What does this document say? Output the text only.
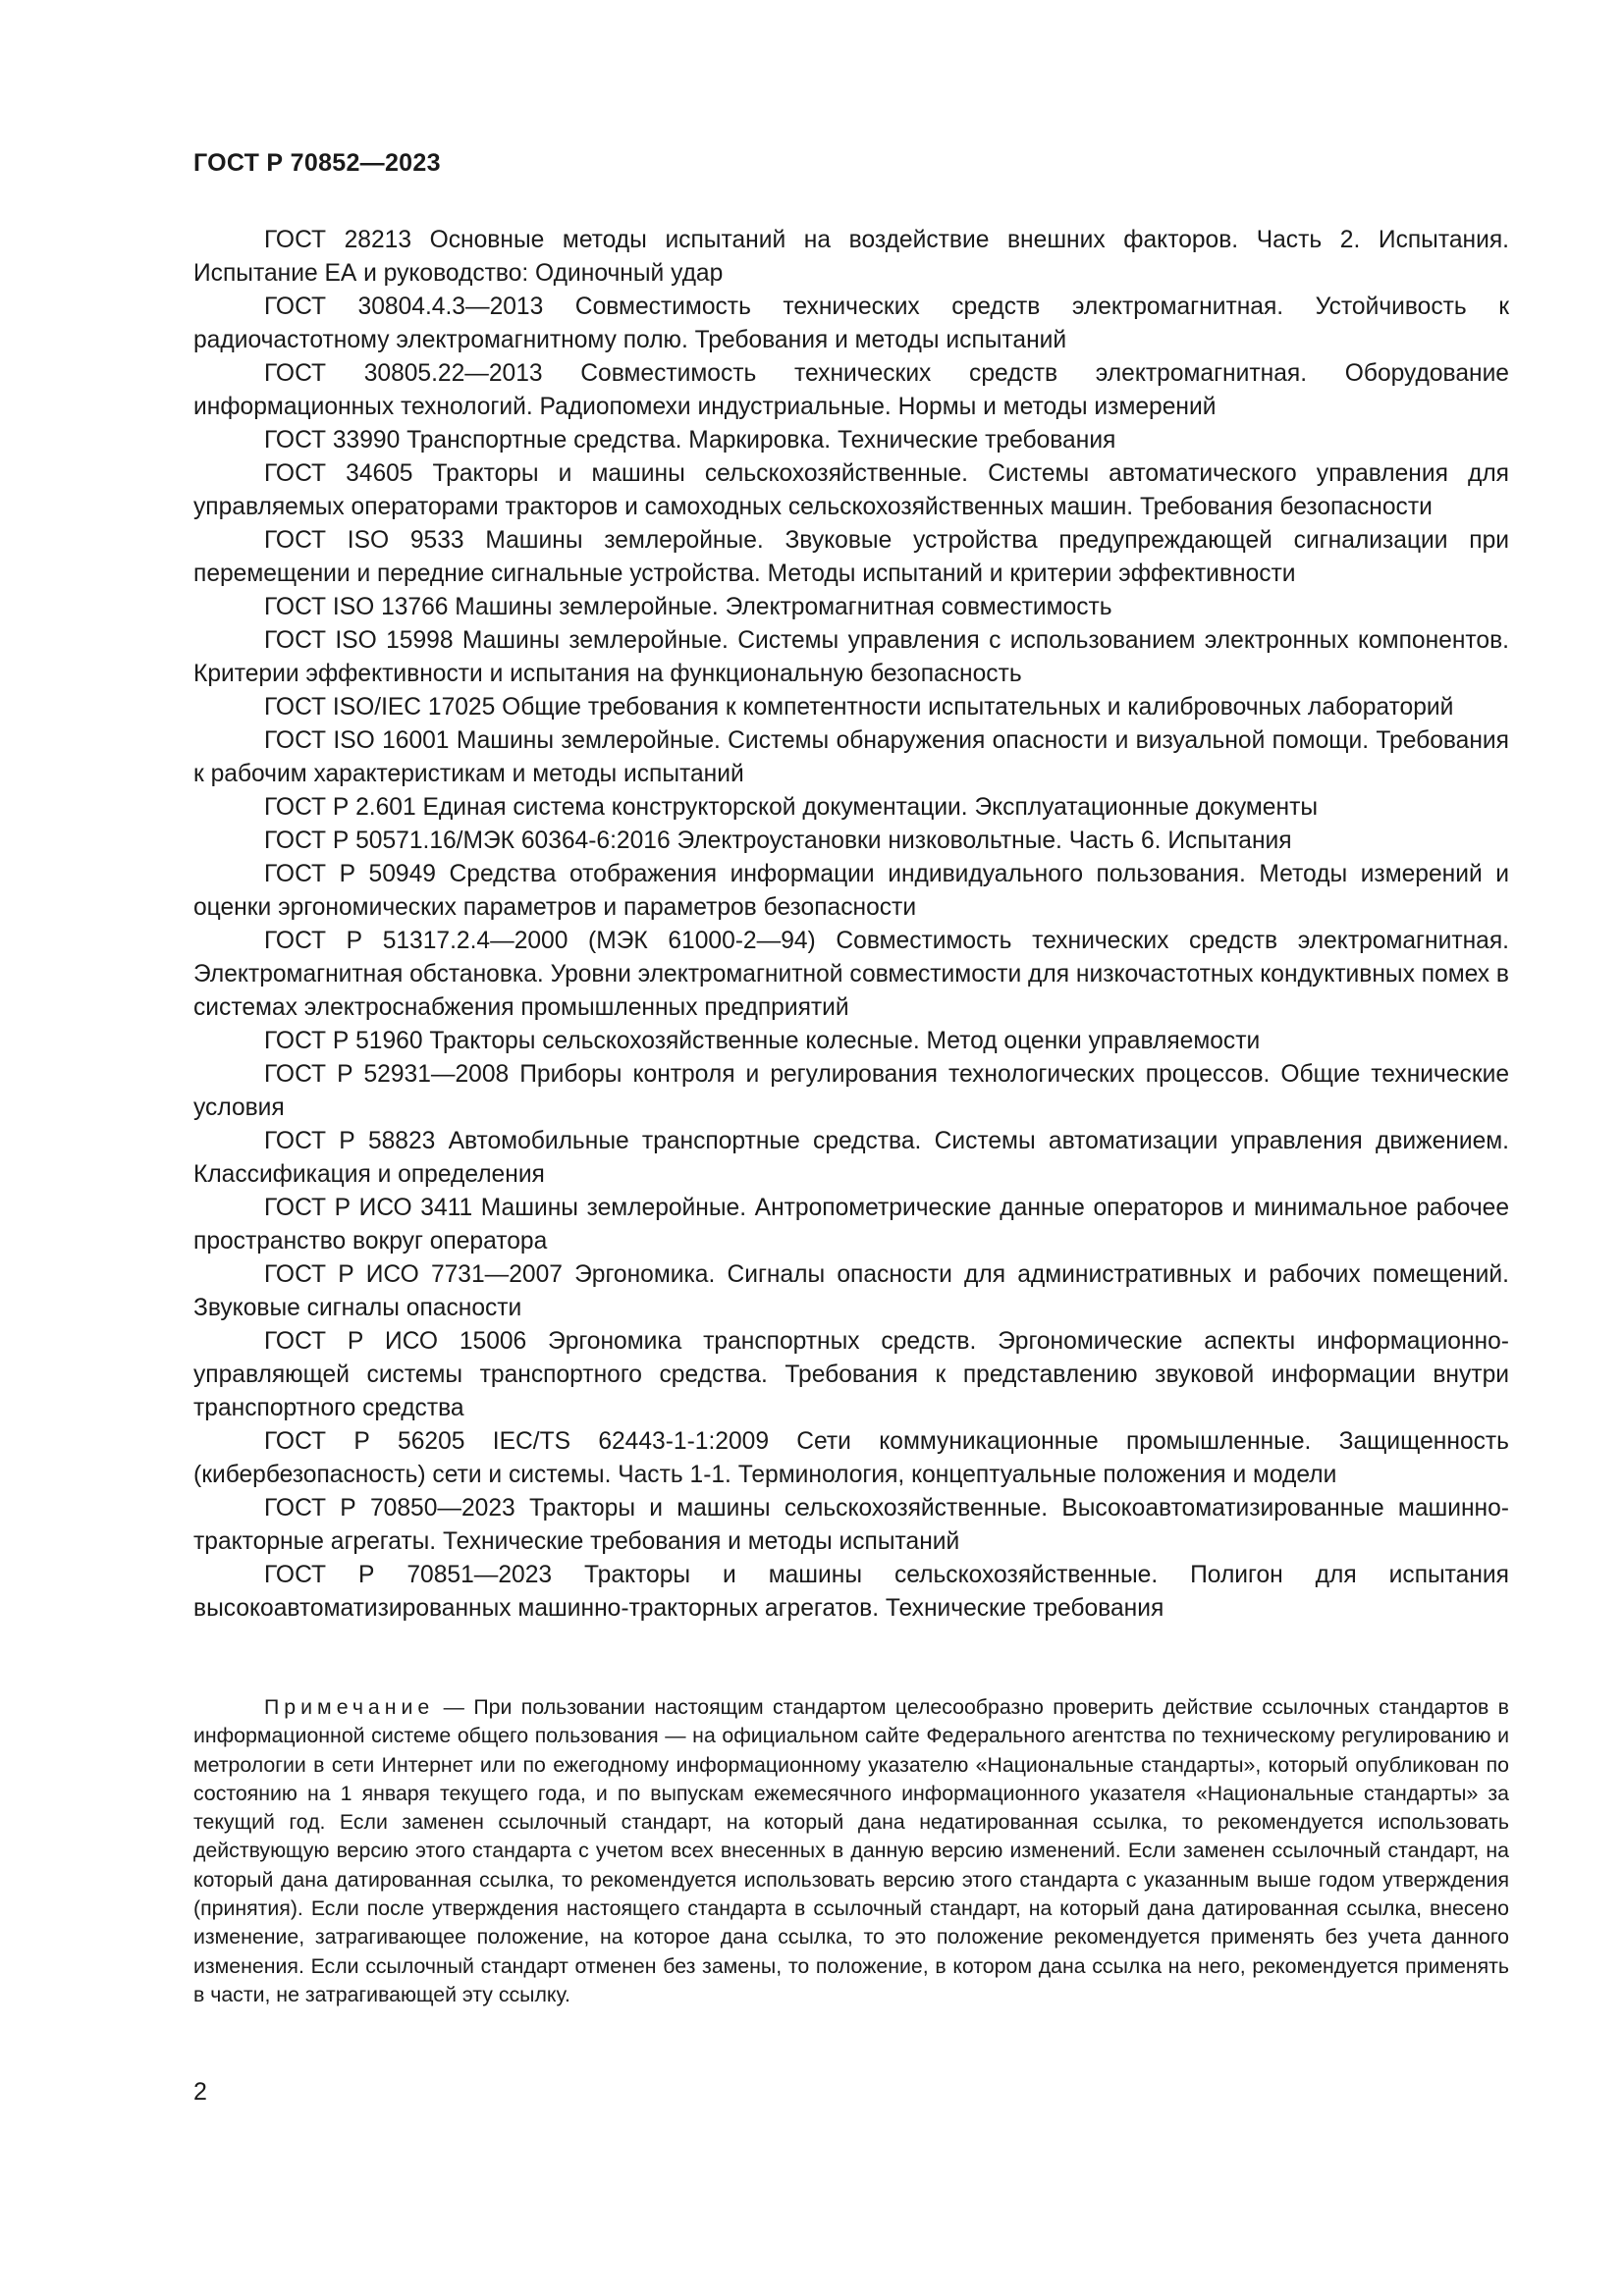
ГОСТ Р 70852—2023
ГОСТ 28213 Основные методы испытаний на воздействие внешних факторов. Часть 2. Испытания. Испытание ЕА и руководство: Одиночный удар
ГОСТ 30804.4.3—2013 Совместимость технических средств электромагнитная. Устойчивость к радиочастотному электромагнитному полю. Требования и методы испытаний
ГОСТ 30805.22—2013 Совместимость технических средств электромагнитная. Оборудование информационных технологий. Радиопомехи индустриальные. Нормы и методы измерений
ГОСТ 33990 Транспортные средства. Маркировка. Технические требования
ГОСТ 34605 Тракторы и машины сельскохозяйственные. Системы автоматического управления для управляемых операторами тракторов и самоходных сельскохозяйственных машин. Требования безопасности
ГОСТ ISO 9533 Машины землеройные. Звуковые устройства предупреждающей сигнализации при перемещении и передние сигнальные устройства. Методы испытаний и критерии эффективности
ГОСТ ISO 13766 Машины землеройные. Электромагнитная совместимость
ГОСТ ISO 15998 Машины землеройные. Системы управления с использованием электронных компонентов. Критерии эффективности и испытания на функциональную безопасность
ГОСТ ISO/IEC 17025 Общие требования к компетентности испытательных и калибровочных лабораторий
ГОСТ ISO 16001 Машины землеройные. Системы обнаружения опасности и визуальной помощи. Требования к рабочим характеристикам и методы испытаний
ГОСТ Р 2.601 Единая система конструкторской документации. Эксплуатационные документы
ГОСТ Р 50571.16/МЭК 60364-6:2016 Электроустановки низковольтные. Часть 6. Испытания
ГОСТ Р 50949 Средства отображения информации индивидуального пользования. Методы измерений и оценки эргономических параметров и параметров безопасности
ГОСТ Р 51317.2.4—2000 (МЭК 61000-2—94) Совместимость технических средств электромагнитная. Электромагнитная обстановка. Уровни электромагнитной совместимости для низкочастотных кондуктивных помех в системах электроснабжения промышленных предприятий
ГОСТ Р 51960 Тракторы сельскохозяйственные колесные. Метод оценки управляемости
ГОСТ Р 52931—2008 Приборы контроля и регулирования технологических процессов. Общие технические условия
ГОСТ Р 58823 Автомобильные транспортные средства. Системы автоматизации управления движением. Классификация и определения
ГОСТ Р ИСО 3411 Машины землеройные. Антропометрические данные операторов и минимальное рабочее пространство вокруг оператора
ГОСТ Р ИСО 7731—2007 Эргономика. Сигналы опасности для административных и рабочих помещений. Звуковые сигналы опасности
ГОСТ Р ИСО 15006 Эргономика транспортных средств. Эргономические аспекты информационно-управляющей системы транспортного средства. Требования к представлению звуковой информации внутри транспортного средства
ГОСТ Р 56205 IEC/TS 62443-1-1:2009 Сети коммуникационные промышленные. Защищенность (кибербезопасность) сети и системы. Часть 1-1. Терминология, концептуальные положения и модели
ГОСТ Р 70850—2023 Тракторы и машины сельскохозяйственные. Высокоавтоматизированные машинно-тракторные агрегаты. Технические требования и методы испытаний
ГОСТ Р 70851—2023 Тракторы и машины сельскохозяйственные. Полигон для испытания высокоавтоматизированных машинно-тракторных агрегатов. Технические требования

Примечание — При пользовании настоящим стандартом целесообразно проверить действие ссылочных стандартов в информационной системе общего пользования — на официальном сайте Федерального агентства по техническому регулированию и метрологии в сети Интернет или по ежегодному информационному указателю «Национальные стандарты», который опубликован по состоянию на 1 января текущего года, и по выпускам ежемесячного информационного указателя «Национальные стандарты» за текущий год. Если заменен ссылочный стандарт, на который дана недатированная ссылка, то рекомендуется использовать действующую версию этого стандарта с учетом всех внесенных в данную версию изменений. Если заменен ссылочный стандарт, на который дана датированная ссылка, то рекомендуется использовать версию этого стандарта с указанным выше годом утверждения (принятия). Если после утверждения настоящего стандарта в ссылочный стандарт, на который дана датированная ссылка, внесено изменение, затрагивающее положение, на которое дана ссылка, то это положение рекомендуется применять без учета данного изменения. Если ссылочный стандарт отменен без замены, то положение, в котором дана ссылка на него, рекомендуется применять в части, не затрагивающей эту ссылку.

2
